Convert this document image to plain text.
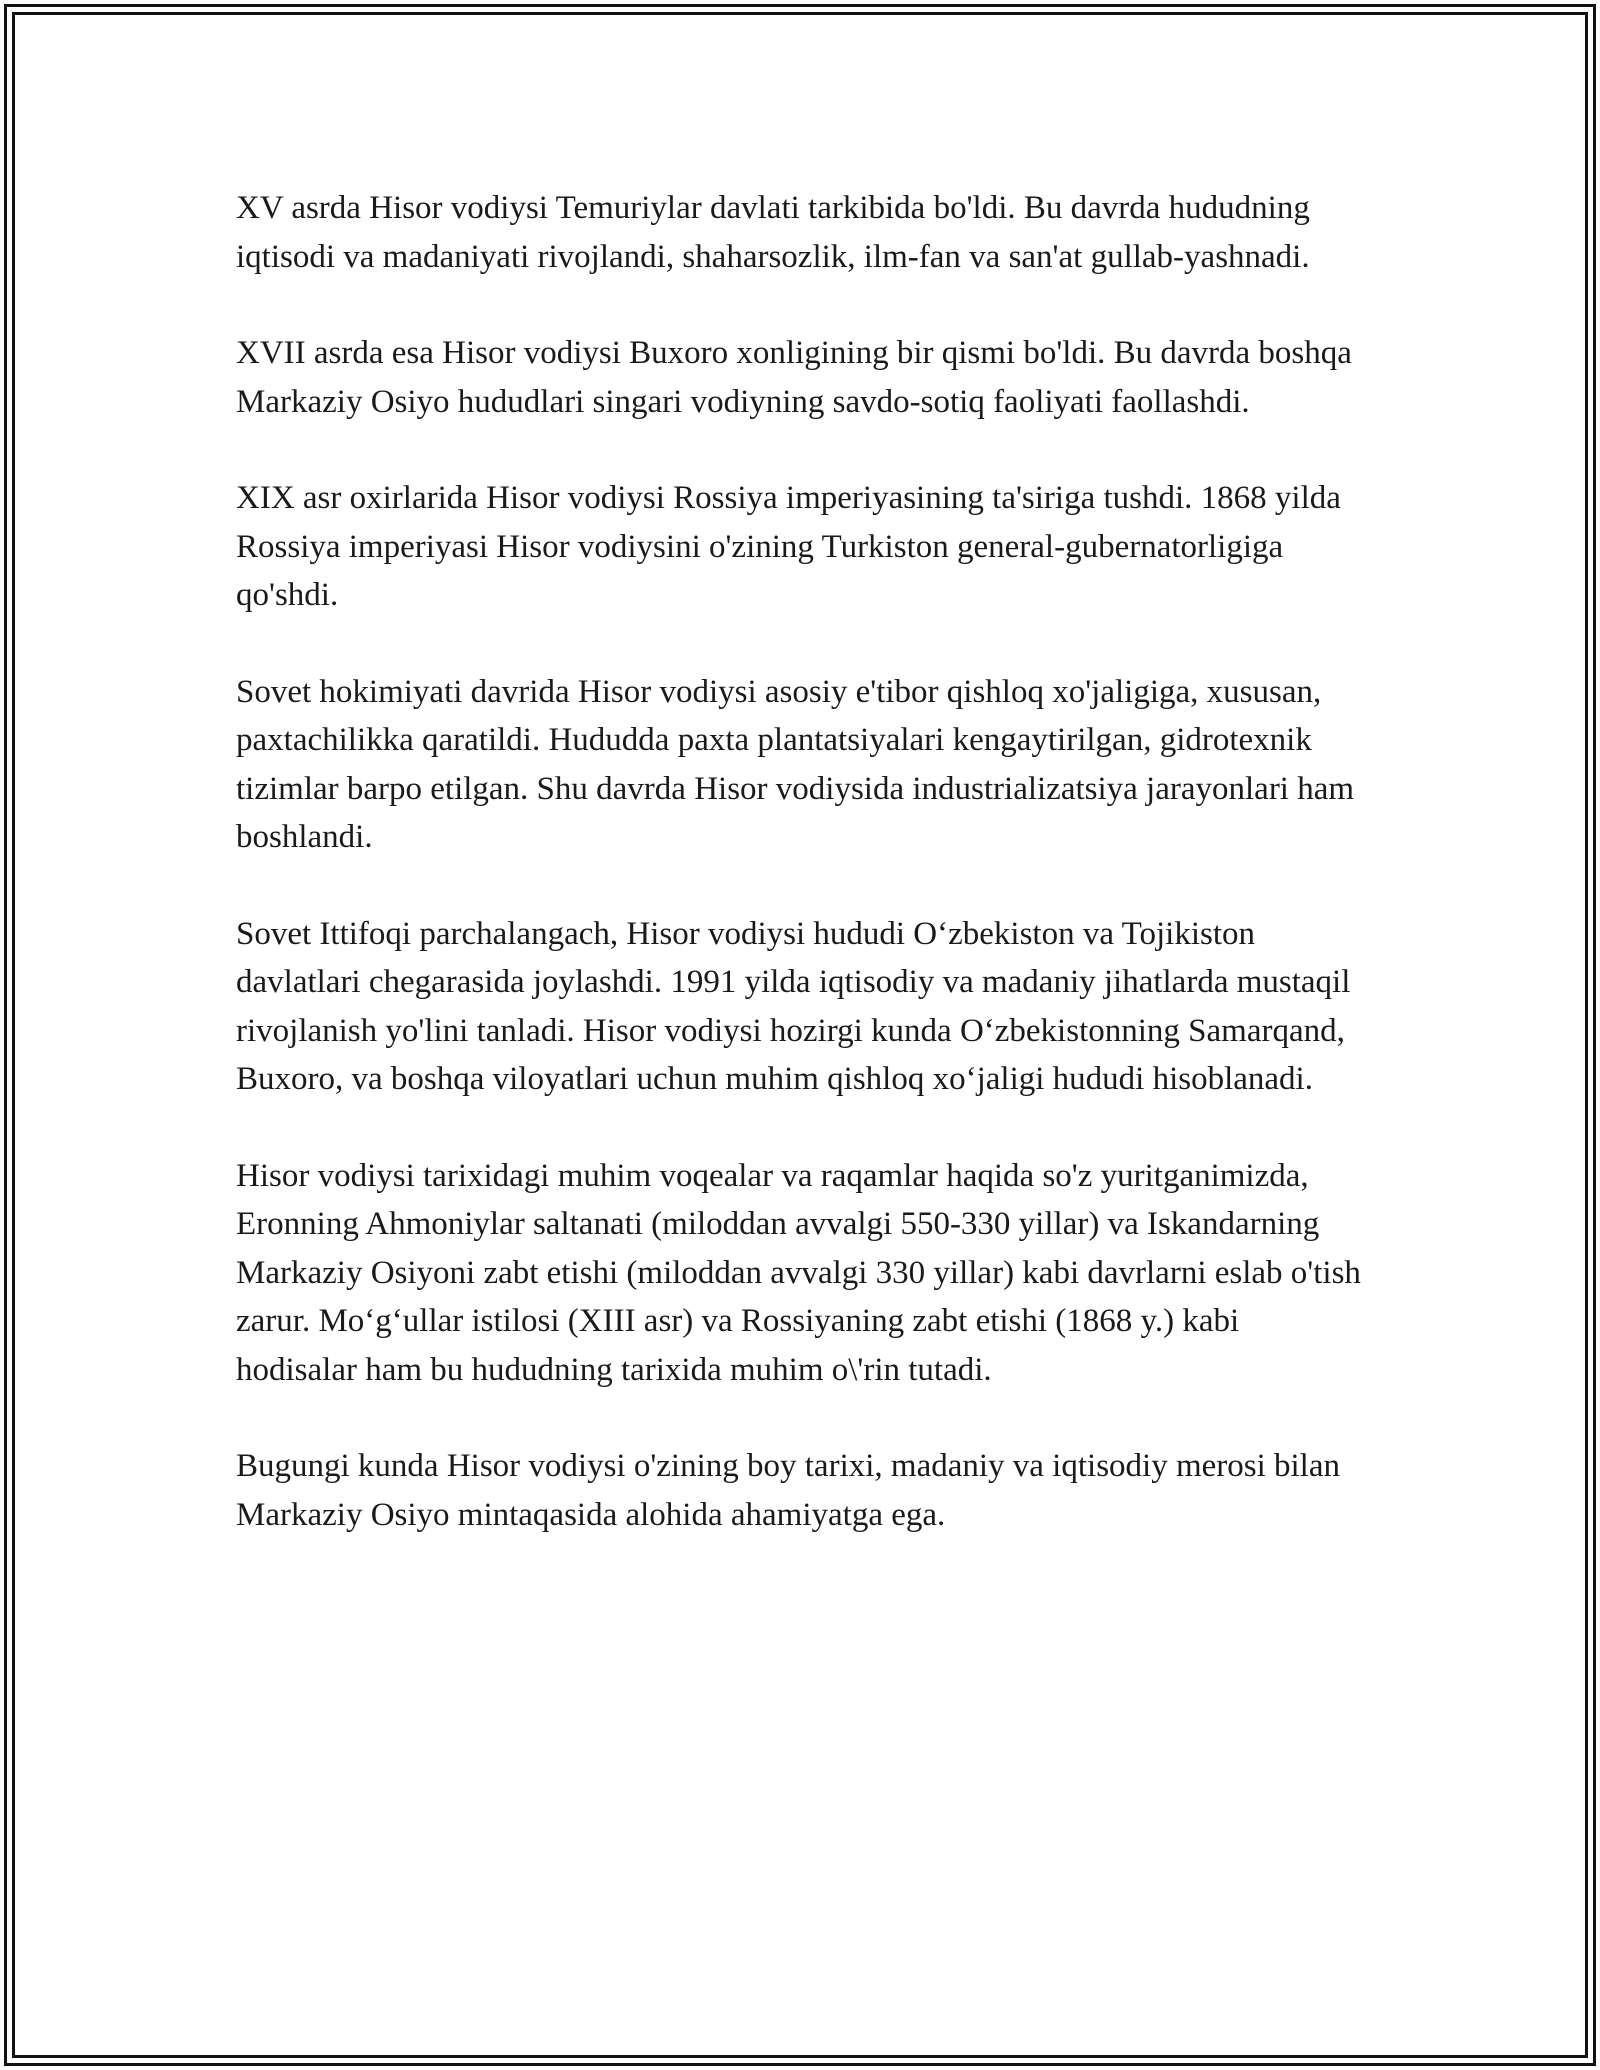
XV asrda Hisor vodiysi Temuriylar davlati tarkibida bo'ldi. Bu davrda hududning iqtisodi va madaniyati rivojlandi, shaharsozlik, ilm-fan va san'at gullab-yashnadi.

XVII asrda esa Hisor vodiysi Buxoro xonligining bir qismi bo'ldi. Bu davrda boshqa Markaziy Osiyo hududlari singari vodiyning savdo-sotiq faoliyati faollashdi.

XIX asr oxirlarida Hisor vodiysi Rossiya imperiyasining ta'siriga tushdi. 1868 yilda Rossiya imperiyasi Hisor vodiysini o'zining Turkiston general-gubernatorligiga qo'shdi.

Sovet hokimiyati davrida Hisor vodiysi asosiy e'tibor qishloq xo'jaligiga, xususan, paxtachilikka qaratildi. Hududda paxta plantatsiyalari kengaytirilgan, gidrotexnik tizimlar barpo etilgan. Shu davrda Hisor vodiysida industrializatsiya jarayonlari ham boshlandi.

Sovet Ittifoqi parchalangach, Hisor vodiysi hududi O‘zbekiston va Tojikiston davlatlari chegarasida joylashdi. 1991 yilda iqtisodiy va madaniy jihatlarda mustaqil rivojlanish yo'lini tanladi. Hisor vodiysi hozirgi kunda O‘zbekistonning Samarqand, Buxoro, va boshqa viloyatlari uchun muhim qishloq xo‘jaligi hududi hisoblanadi.

Hisor vodiysi tarixidagi muhim voqealar va raqamlar haqida so'z yuritganimizda, Eronning Ahmoniylar saltanati (miloddan avvalgi 550-330 yillar) va Iskandarning Markaziy Osiyoni zabt etishi (miloddan avvalgi 330 yillar) kabi davrlarni eslab o'tish zarur. Mo‘g‘ullar istilosi (XIII asr) va Rossiyaning zabt etishi (1868 y.) kabi hodisalar ham bu hududning tarixida muhim o\'rin tutadi.

Bugungi kunda Hisor vodiysi o'zining boy tarixi, madaniy va iqtisodiy merosi bilan Markaziy Osiyo mintaqasida alohida ahamiyatga ega.
